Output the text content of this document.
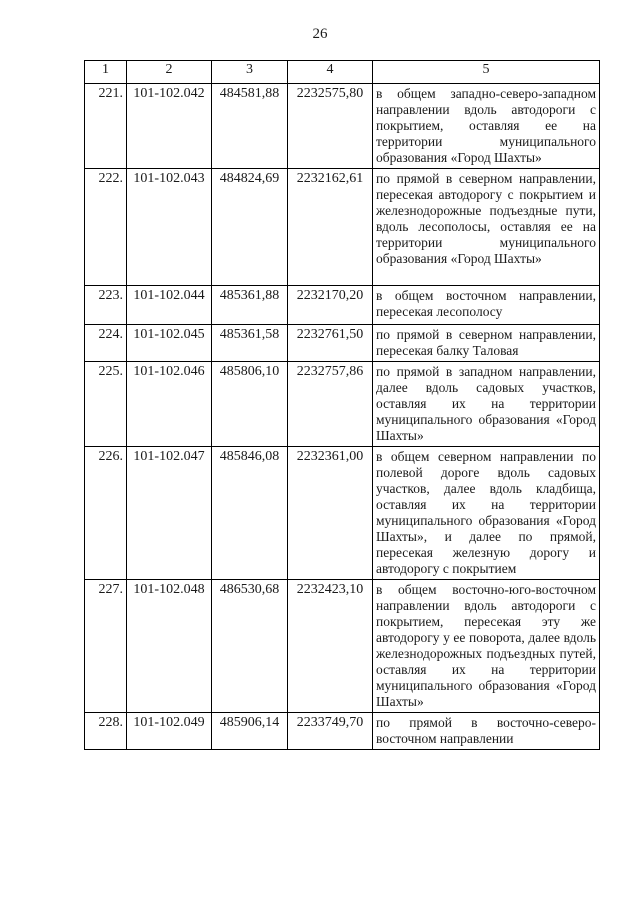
26
1	2	3	4	5
221.	101-102.042	484581,88	2232575,80	в общем западно-северо-западном направлении вдоль автодороги с покрытием, оставляя ее на территории муниципального образования «Город Шахты»
222.	101-102.043	484824,69	2232162,61	по прямой в северном направлении, пересекая автодорогу с покрытием и железнодорожные подъездные пути, вдоль лесополосы, оставляя ее на территории муниципального образования «Город Шахты»
223.	101-102.044	485361,88	2232170,20	в общем восточном направлении, пересекая лесополосу
224.	101-102.045	485361,58	2232761,50	по прямой в северном направлении, пересекая балку Таловая
225.	101-102.046	485806,10	2232757,86	по прямой в западном направлении, далее вдоль садовых участков, оставляя их на территории муниципального образования «Город Шахты»
226.	101-102.047	485846,08	2232361,00	в общем северном направлении по полевой дороге вдоль садовых участков, далее вдоль кладбища, оставляя их на территории муниципального образования «Город Шахты», и далее по прямой, пересекая железную дорогу и автодорогу с покрытием
227.	101-102.048	486530,68	2232423,10	в общем восточно-юго-восточном направлении вдоль автодороги с покрытием, пересекая эту же автодорогу у ее поворота, далее вдоль железнодорожных подъездных путей, оставляя их на территории муниципального образования «Город Шахты»
228.	101-102.049	485906,14	2233749,70	по прямой в восточно-северо-восточном направлении
